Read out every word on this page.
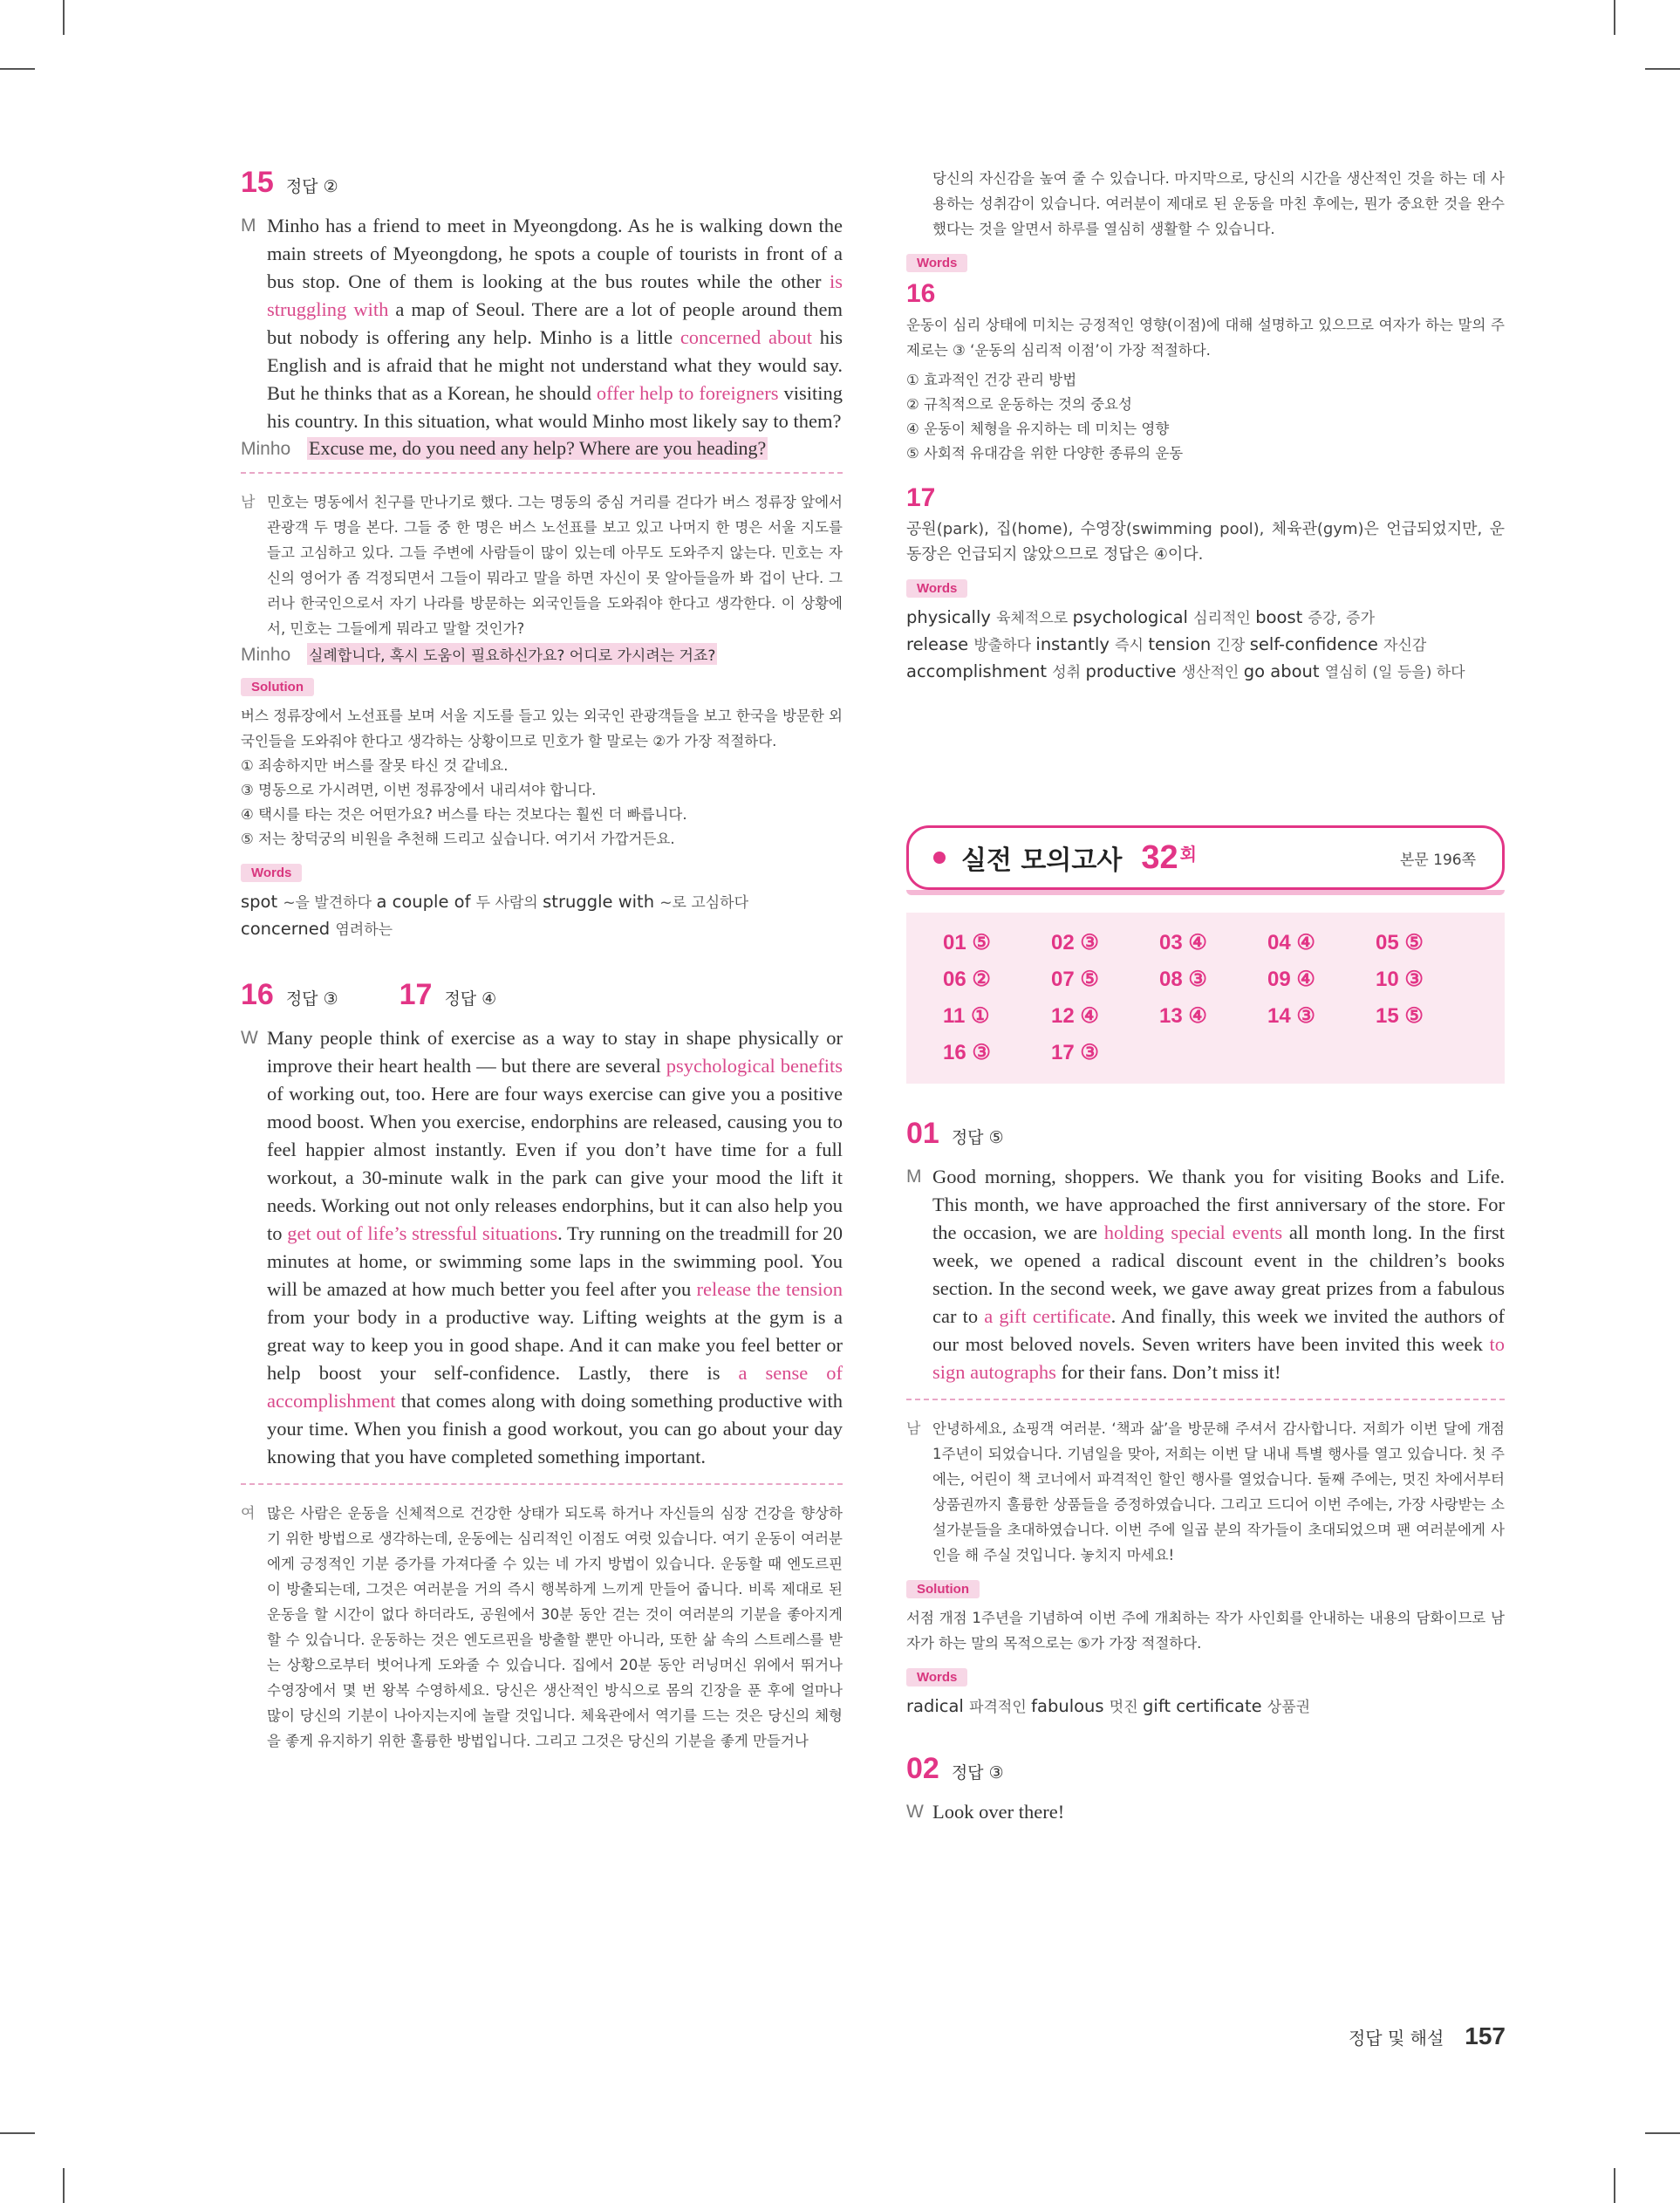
15 정답 ②
M Minho has a friend to meet in Myeongdong. As he is walking down the main streets of Myeongdong, he spots a couple of tourists in front of a bus stop. One of them is looking at the bus routes while the other is struggling with a map of Seoul. There are a lot of people around them but nobody is offering any help. Minho is a little concerned about his English and is afraid that he might not understand what they would say. But he thinks that as a Korean, he should offer help to foreigners visiting his country. In this situation, what would Minho most likely say to them?
Minho Excuse me, do you need any help? Where are you heading?
남 민호는 명동에서 친구를 만나기로 했다. 그는 명동의 중심 거리를 걷다가 버스 정류장 앞에서 관광객 두 명을 본다. 그들 중 한 명은 버스 노선표를 보고 있고 나머지 한 명은 서울 지도를 들고 고심하고 있다. 그들 주변에 사람들이 많이 있는데 아무도 도와주지 않는다. 민호는 자신의 영어가 좀 걱정되면서 그들이 뭐라고 말을 하면 자신이 못 알아들을까 봐 겁이 난다. 그러나 한국인으로서 자기 나라를 방문하는 외국인들을 도와줘야 한다고 생각한다. 이 상황에서, 민호는 그들에게 뭐라고 말할 것인가?
Minho	실례합니다, 혹시 도움이 필요하신가요? 어디로 가시려는 거죠?
Solution
버스 정류장에서 노선표를 보며 서울 지도를 들고 있는 외국인 관광객들을 보고 한국을 방문한 외국인들을 도와줘야 한다고 생각하는 상황이므로 민호가 할 말로는 ②가 가장 적절하다.
① 죄송하지만 버스를 잘못 타신 것 같네요.
③ 명동으로 가시려면, 이번 정류장에서 내리셔야 합니다.
④ 택시를 타는 것은 어떤가요? 버스를 타는 것보다는 훨씬 더 빠릅니다.
⑤ 저는 창덕궁의 비원을 추천해 드리고 싶습니다. 여기서 가깝거든요.
Words
spot ~을 발견하다 a couple of 두 사람의 struggle with ~로 고심하다
concerned 염려하는
16 정답 ③ 17 정답 ④
W Many people think of exercise as a way to stay in shape physically or improve their heart health — but there are several psychological benefits of working out, too. Here are four ways exercise can give you a positive mood boost. When you exercise, endorphins are released, causing you to feel happier almost instantly. Even if you don’t have time for a full workout, a 30-minute walk in the park can give your mood the lift it needs. Working out not only releases endorphins, but it can also help you to get out of life’s stressful situations. Try running on the treadmill for 20 minutes at home, or swimming some laps in the swimming pool. You will be amazed at how much better you feel after you release the tension from your body in a productive way. Lifting weights at the gym is a great way to keep you in good shape. And it can make you feel better or help boost your self-confidence. Lastly, there is a sense of accomplishment that comes along with doing something productive with your time. When you finish a good workout, you can go about your day knowing that you have completed something important.
여 많은 사람은 운동을 신체적으로 건강한 상태가 되도록 하거나 자신들의 심장 건강을 향상하기 위한 방법으로 생각하는데, 운동에는 심리적인 이점도 여럿 있습니다. 여기 운동이 여러분에게 긍정적인 기분 증가를 가져다줄 수 있는 네 가지 방법이 있습니다. 운동할 때 엔도르핀이 방출되는데, 그것은 여러분을 거의 즉시 행복하게 느끼게 만들어 줍니다. 비록 제대로 된 운동을 할 시간이 없다 하더라도, 공원에서 30분 동안 걷는 것이 여러분의 기분을 좋아지게 할 수 있습니다. 운동하는 것은 엔도르핀을 방출할 뿐만 아니라, 또한 삶 속의 스트레스를 받는 상황으로부터 벗어나게 도와줄 수 있습니다. 집에서 20분 동안 러닝머신 위에서 뛰거나 수영장에서 몇 번 왕복 수영하세요. 당신은 생산적인 방식으로 몸의 긴장을 푼 후에 얼마나 많이 당신의 기분이 나아지는지에 놀랄 것입니다. 체육관에서 역기를 드는 것은 당신의 체형을 좋게 유지하기 위한 훌륭한 방법입니다. 그리고 그것은 당신의 기분을 좋게 만들거나
당신의 자신감을 높여 줄 수 있습니다. 마지막으로, 당신의 시간을 생산적인 것을 하는 데 사용하는 성취감이 있습니다. 여러분이 제대로 된 운동을 마친 후에는, 뭔가 중요한 것을 완수했다는 것을 알면서 하루를 열심히 생활할 수 있습니다.
Words
16
운동이 심리 상태에 미치는 긍정적인 영향(이점)에 대해 설명하고 있으므로 여자가 하는 말의 주제로는 ③ ‘운동의 심리적 이점’이 가장 적절하다.
① 효과적인 건강 관리 방법
② 규칙적으로 운동하는 것의 중요성
④ 운동이 체형을 유지하는 데 미치는 영향
⑤ 사회적 유대감을 위한 다양한 종류의 운동
17
공원(park), 집(home), 수영장(swimming pool), 체육관(gym)은 언급되었지만, 운동장은 언급되지 않았으므로 정답은 ④이다.
Words
physically 육체적으로 psychological 심리적인 boost 증강, 증가
release 방출하다 instantly 즉시 tension 긴장 self-confidence 자신감
accomplishment 성취 productive 생산적인 go about 열심히 (일 등을) 하다
실전 모의고사 32 회	본문 196쪽
01 ⑤	02 ③	03 ④	04 ④	05 ⑤
06 ②	07 ⑤	08 ③	09 ④	10 ③
11 ①	12 ④	13 ④	14 ③	15 ⑤
16 ③	17 ③
01 정답 ⑤
M Good morning, shoppers. We thank you for visiting Books and Life. This month, we have approached the first anniversary of the store. For the occasion, we are holding special events all month long. In the first week, we opened a radical discount event in the children’s books section. In the second week, we gave away great prizes from a fabulous car to a gift certificate. And finally, this week we invited the authors of our most beloved novels. Seven writers have been invited this week to sign autographs for their fans. Don’t miss it!
남 안녕하세요, 쇼핑객 여러분. ‘책과 삶’을 방문해 주셔서 감사합니다. 저희가 이번 달에 개점 1주년이 되었습니다. 기념일을 맞아, 저희는 이번 달 내내 특별 행사를 열고 있습니다. 첫 주에는, 어린이 책 코너에서 파격적인 할인 행사를 열었습니다. 둘째 주에는, 멋진 차에서부터 상품권까지 훌륭한 상품들을 증정하였습니다. 그리고 드디어 이번 주에는, 가장 사랑받는 소설가분들을 초대하였습니다. 이번 주에 일곱 분의 작가들이 초대되었으며 팬 여러분에게 사인을 해 주실 것입니다. 놓치지 마세요!
Solution
서점 개점 1주년을 기념하여 이번 주에 개최하는 작가 사인회를 안내하는 내용의 담화이므로 남자가 하는 말의 목적으로는 ⑤가 가장 적절하다.
Words
radical 파격적인 fabulous 멋진 gift certificate 상품권
02 정답 ③
W Look over there!
정답 및 해설 157
